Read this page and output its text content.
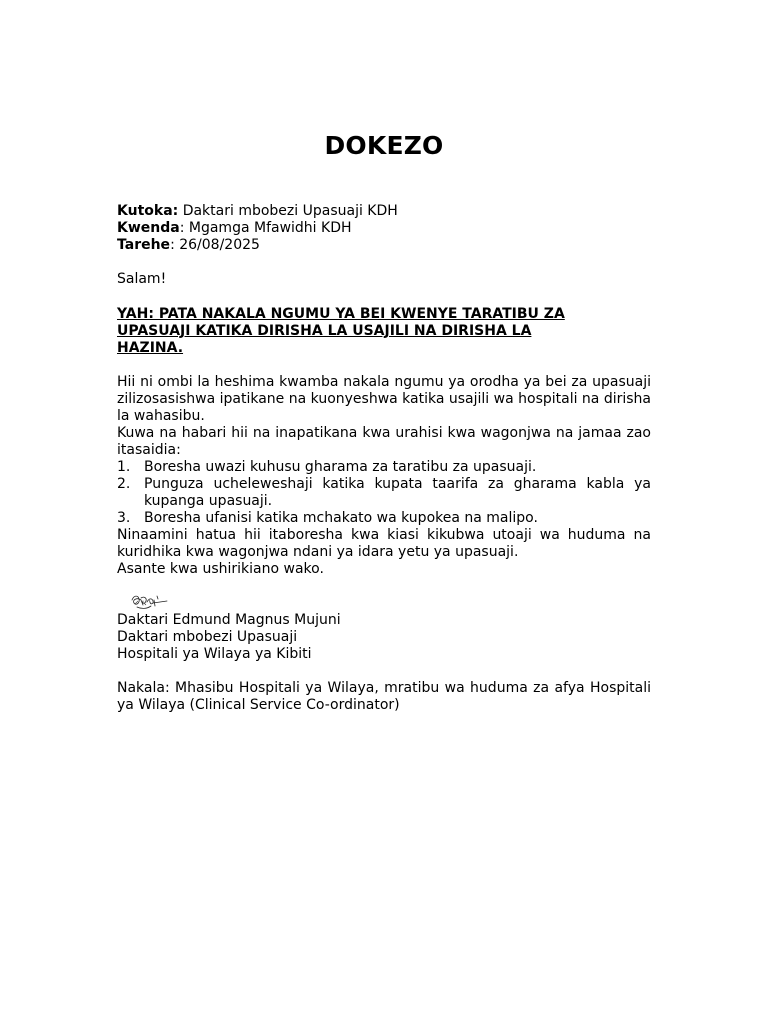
DOKEZO
Kutoka: Daktari mbobezi Upasuaji KDH
Kwenda: Mgamga Mfawidhi KDH
Tarehe: 26/08/2025
Salam!
YAH: PATA NAKALA NGUMU YA BEI KWENYE TARATIBU ZA
UPASUAJI KATIKA DIRISHA LA USAJILI NA DIRISHA LA
HAZINA.
Hii ni ombi la heshima kwamba nakala ngumu ya orodha ya bei za upasuaji zilizosasishwa ipatikane na kuonyeshwa katika usajili wa hospitali na dirisha la wahasibu.
Kuwa na habari hii na inapatikana kwa urahisi kwa wagonjwa na jamaa zao itasaidia:
1. Boresha uwazi kuhusu gharama za taratibu za upasuaji.
2. Punguza ucheleweshaji katika kupata taarifa za gharama kabla ya kupanga upasuaji.
3. Boresha ufanisi katika mchakato wa kupokea na malipo.
Ninaamini hatua hii itaboresha kwa kiasi kikubwa utoaji wa huduma na kuridhika kwa wagonjwa ndani ya idara yetu ya upasuaji.
Asante kwa ushirikiano wako.
Daktari Edmund Magnus Mujuni
Daktari mbobezi Upasuaji
Hospitali ya Wilaya ya Kibiti
Nakala: Mhasibu Hospitali ya Wilaya, mratibu wa huduma za afya Hospitali ya Wilaya (Clinical Service Co-ordinator)
